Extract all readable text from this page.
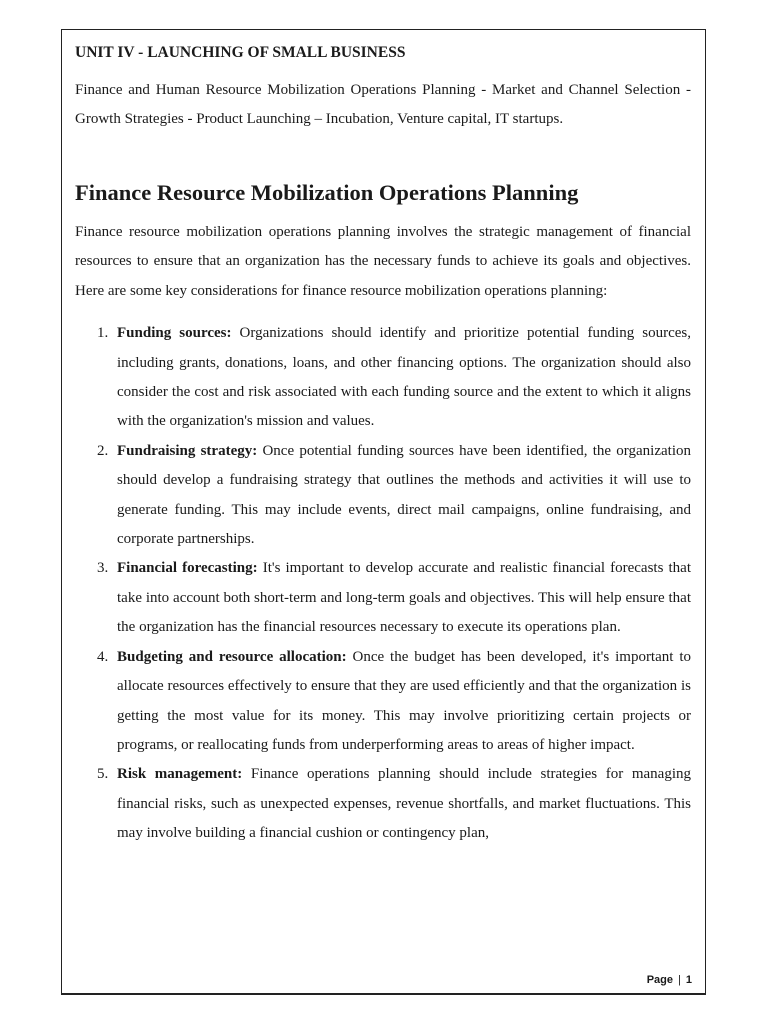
UNIT IV - LAUNCHING OF SMALL BUSINESS

Finance and Human Resource Mobilization Operations Planning - Market and Channel Selection - Growth Strategies - Product Launching – Incubation, Venture capital, IT startups.

Finance Resource Mobilization Operations Planning

Finance resource mobilization operations planning involves the strategic management of financial resources to ensure that an organization has the necessary funds to achieve its goals and objectives. Here are some key considerations for finance resource mobilization operations planning:

1. Funding sources: Organizations should identify and prioritize potential funding sources, including grants, donations, loans, and other financing options. The organization should also consider the cost and risk associated with each funding source and the extent to which it aligns with the organization's mission and values.
2. Fundraising strategy: Once potential funding sources have been identified, the organization should develop a fundraising strategy that outlines the methods and activities it will use to generate funding. This may include events, direct mail campaigns, online fundraising, and corporate partnerships.
3. Financial forecasting: It's important to develop accurate and realistic financial forecasts that take into account both short-term and long-term goals and objectives. This will help ensure that the organization has the financial resources necessary to execute its operations plan.
4. Budgeting and resource allocation: Once the budget has been developed, it's important to allocate resources effectively to ensure that they are used efficiently and that the organization is getting the most value for its money. This may involve prioritizing certain projects or programs, or reallocating funds from underperforming areas to areas of higher impact.
5. Risk management: Finance operations planning should include strategies for managing financial risks, such as unexpected expenses, revenue shortfalls, and market fluctuations. This may involve building a financial cushion or contingency plan,
Page | 1
